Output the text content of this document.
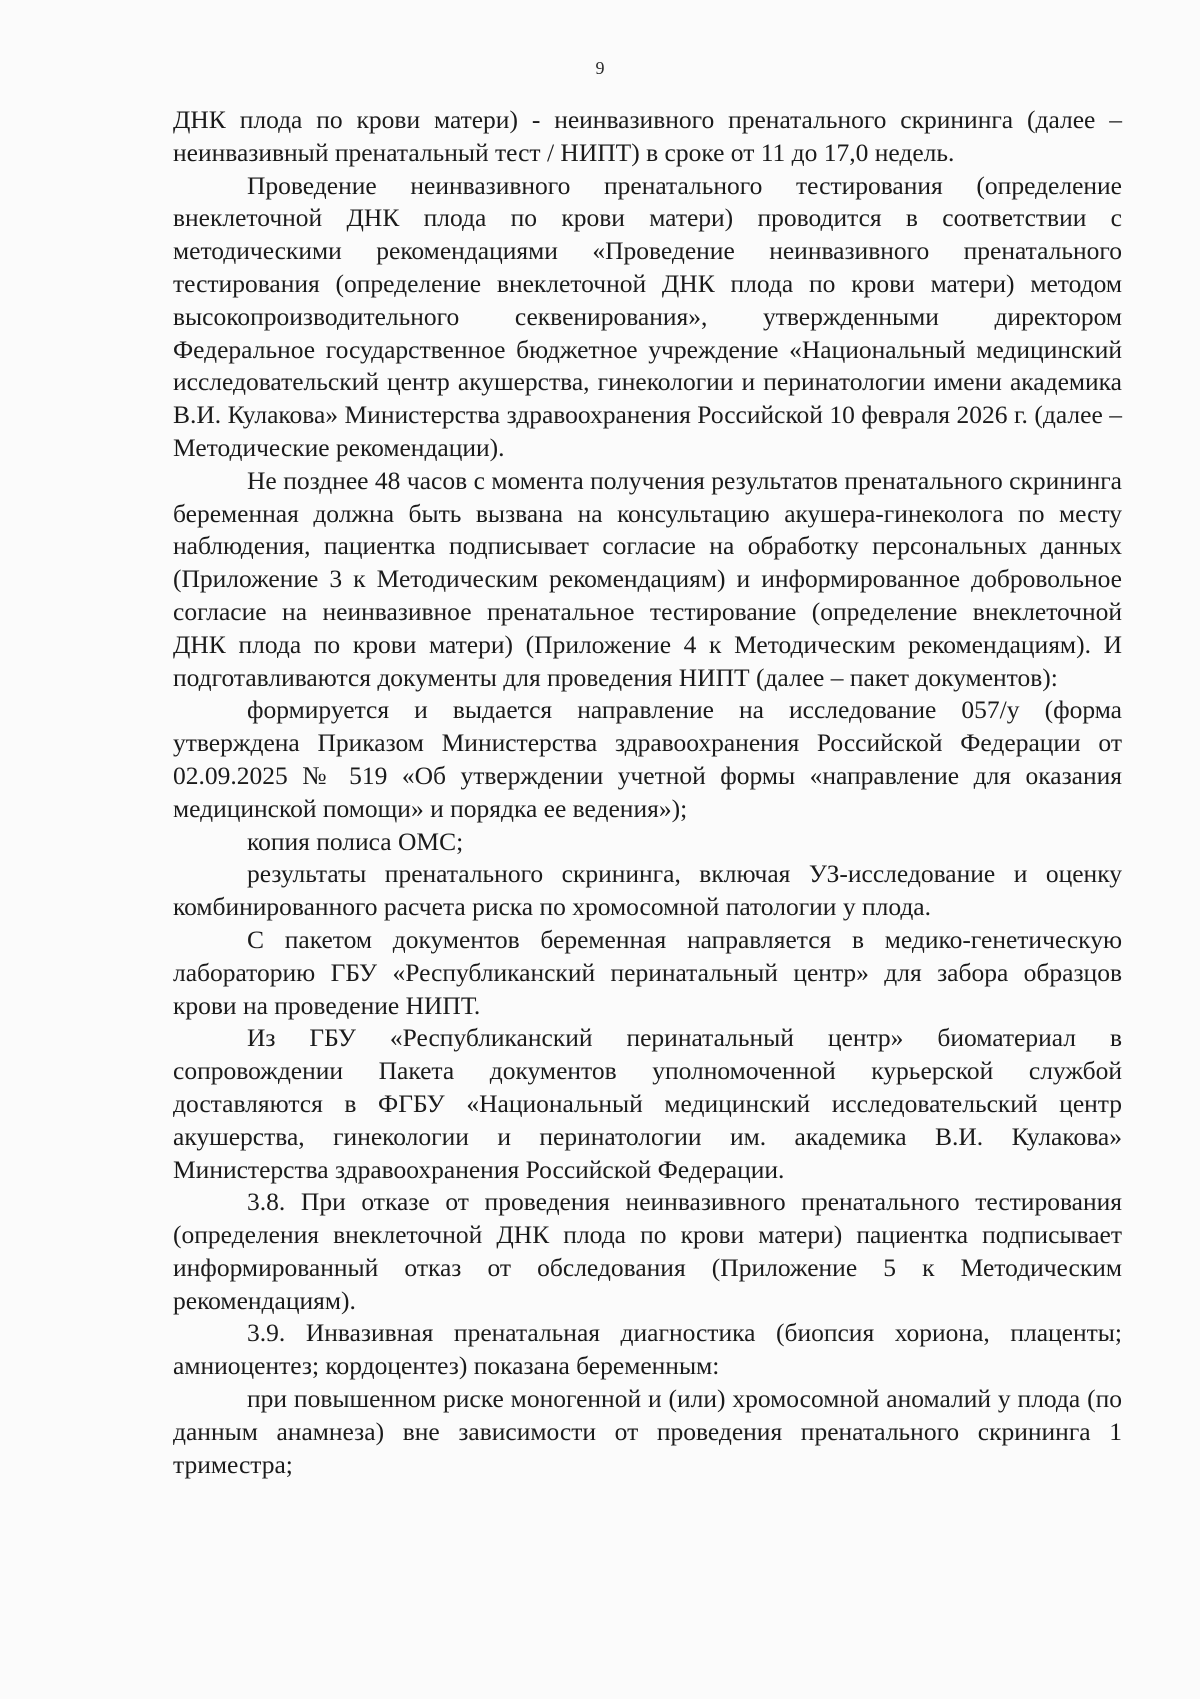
9

ДНК плода по крови матери) - неинвазивного пренатального скрининга (далее – неинвазивный пренатальный тест / НИПТ) в сроке от 11 до 17,0 недель.

Проведение неинвазивного пренатального тестирования (определение внеклеточной ДНК плода по крови матери) проводится в соответствии с методическими рекомендациями «Проведение неинвазивного пренатального тестирования (определение внеклеточной ДНК плода по крови матери) методом высокопроизводительного секвенирования», утвержденными директором Федеральное государственное бюджетное учреждение «Национальный медицинский исследовательский центр акушерства, гинекологии и перинатологии имени академика В.И. Кулакова» Министерства здравоохранения Российской 10 февраля 2026 г. (далее – Методические рекомендации).

Не позднее 48 часов с момента получения результатов пренатального скрининга беременная должна быть вызвана на консультацию акушера-гинеколога по месту наблюдения, пациентка подписывает согласие на обработку персональных данных (Приложение 3 к Методическим рекомендациям) и информированное добровольное согласие на неинвазивное пренатальное тестирование (определение внеклеточной ДНК плода по крови матери) (Приложение 4 к Методическим рекомендациям). И подготавливаются документы для проведения НИПТ (далее – пакет документов):

формируется и выдается направление на исследование 057/у (форма утверждена Приказом Министерства здравоохранения Российской Федерации от 02.09.2025 № 519 «Об утверждении учетной формы «направление для оказания медицинской помощи» и порядка ее ведения»);

копия полиса ОМС;

результаты пренатального скрининга, включая УЗ-исследование и оценку комбинированного расчета риска по хромосомной патологии у плода.

С пакетом документов беременная направляется в медико-генетическую лабораторию ГБУ «Республиканский перинатальный центр» для забора образцов крови на проведение НИПТ.

Из ГБУ «Республиканский перинатальный центр» биоматериал в сопровождении Пакета документов уполномоченной курьерской службой доставляются в ФГБУ «Национальный медицинский исследовательский центр акушерства, гинекологии и перинатологии им. академика В.И. Кулакова» Министерства здравоохранения Российской Федерации.

3.8. При отказе от проведения неинвазивного пренатального тестирования (определения внеклеточной ДНК плода по крови матери) пациентка подписывает информированный отказ от обследования (Приложение 5 к Методическим рекомендациям).

3.9. Инвазивная пренатальная диагностика (биопсия хориона, плаценты; амниоцентез; кордоцентез) показана беременным:

при повышенном риске моногенной и (или) хромосомной аномалий у плода (по данным анамнеза) вне зависимости от проведения пренатального скрининга 1 триместра;
